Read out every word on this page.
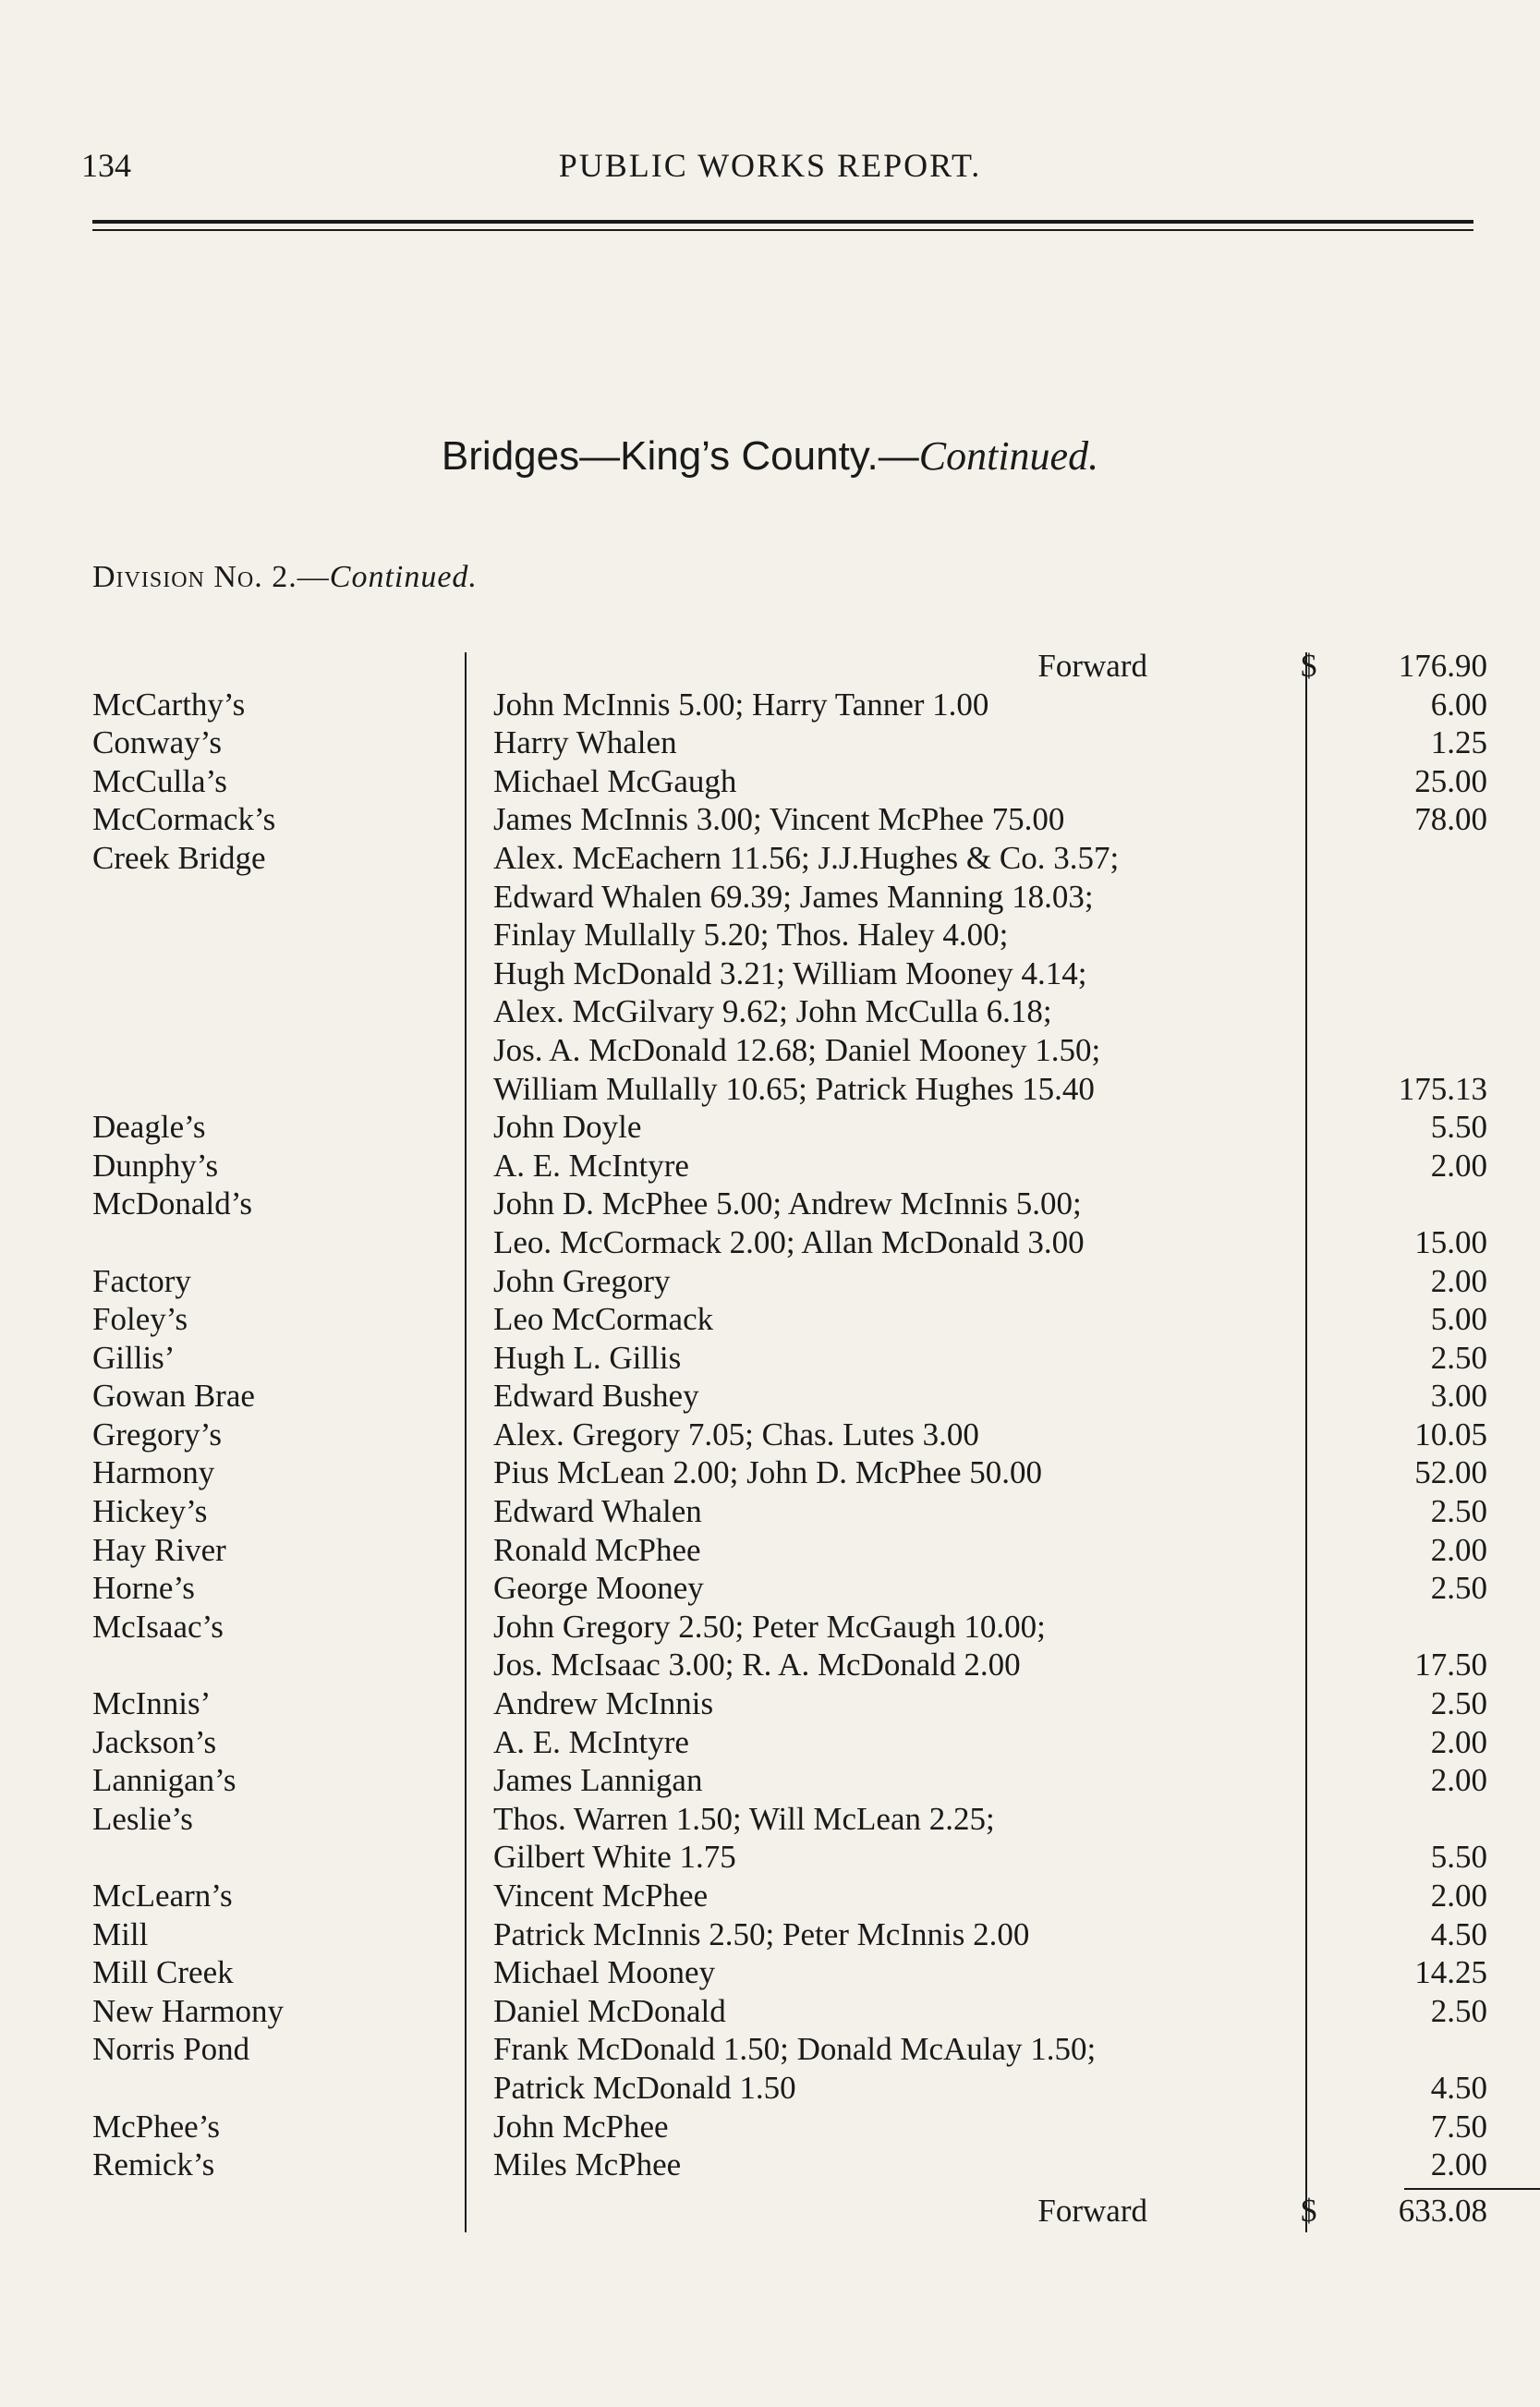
134	PUBLIC WORKS REPORT.
Bridges—King’s County.—Continued.
Division No. 2.—Continued.
Forward	$	176.90
McCarthy’s	John McInnis 5.00; Harry Tanner 1.00	6.00
Conway’s	Harry Whalen	1.25
McCulla’s	Michael McGaugh	25.00
McCormack’s	James McInnis 3.00; Vincent McPhee 75.00	78.00
Creek Bridge	Alex. McEachern 11.56; J.J.Hughes & Co. 3.57;
Edward Whalen 69.39; James Manning 18.03;
Finlay Mullally 5.20; Thos. Haley 4.00;
Hugh McDonald 3.21; William Mooney 4.14;
Alex. McGilvary 9.62; John McCulla 6.18;
Jos. A. McDonald 12.68; Daniel Mooney 1.50;
William Mullally 10.65; Patrick Hughes 15.40	175.13
Deagle’s	John Doyle	5.50
Dunphy’s	A. E. McIntyre	2.00
McDonald’s	John D. McPhee 5.00; Andrew McInnis 5.00;
Leo. McCormack 2.00; Allan McDonald 3.00	15.00
Factory	John Gregory	2.00
Foley’s	Leo McCormack	5.00
Gillis’	Hugh L. Gillis	2.50
Gowan Brae	Edward Bushey	3.00
Gregory’s	Alex. Gregory 7.05; Chas. Lutes 3.00	10.05
Harmony	Pius McLean 2.00; John D. McPhee 50.00	52.00
Hickey’s	Edward Whalen	2.50
Hay River	Ronald McPhee	2.00
Horne’s	George Mooney	2.50
McIsaac’s	John Gregory 2.50; Peter McGaugh 10.00;
Jos. McIsaac 3.00; R. A. McDonald 2.00	17.50
McInnis’	Andrew McInnis	2.50
Jackson’s	A. E. McIntyre	2.00
Lannigan’s	James Lannigan	2.00
Leslie’s	Thos. Warren 1.50; Will McLean 2.25;
Gilbert White 1.75	5.50
McLearn’s	Vincent McPhee	2.00
Mill	Patrick McInnis 2.50; Peter McInnis 2.00	4.50
Mill Creek	Michael Mooney	14.25
New Harmony	Daniel McDonald	2.50
Norris Pond	Frank McDonald 1.50; Donald McAulay 1.50;
Patrick McDonald 1.50	4.50
McPhee’s	John McPhee	7.50
Remick’s	Miles McPhee	2.00
Forward	$	633.08
